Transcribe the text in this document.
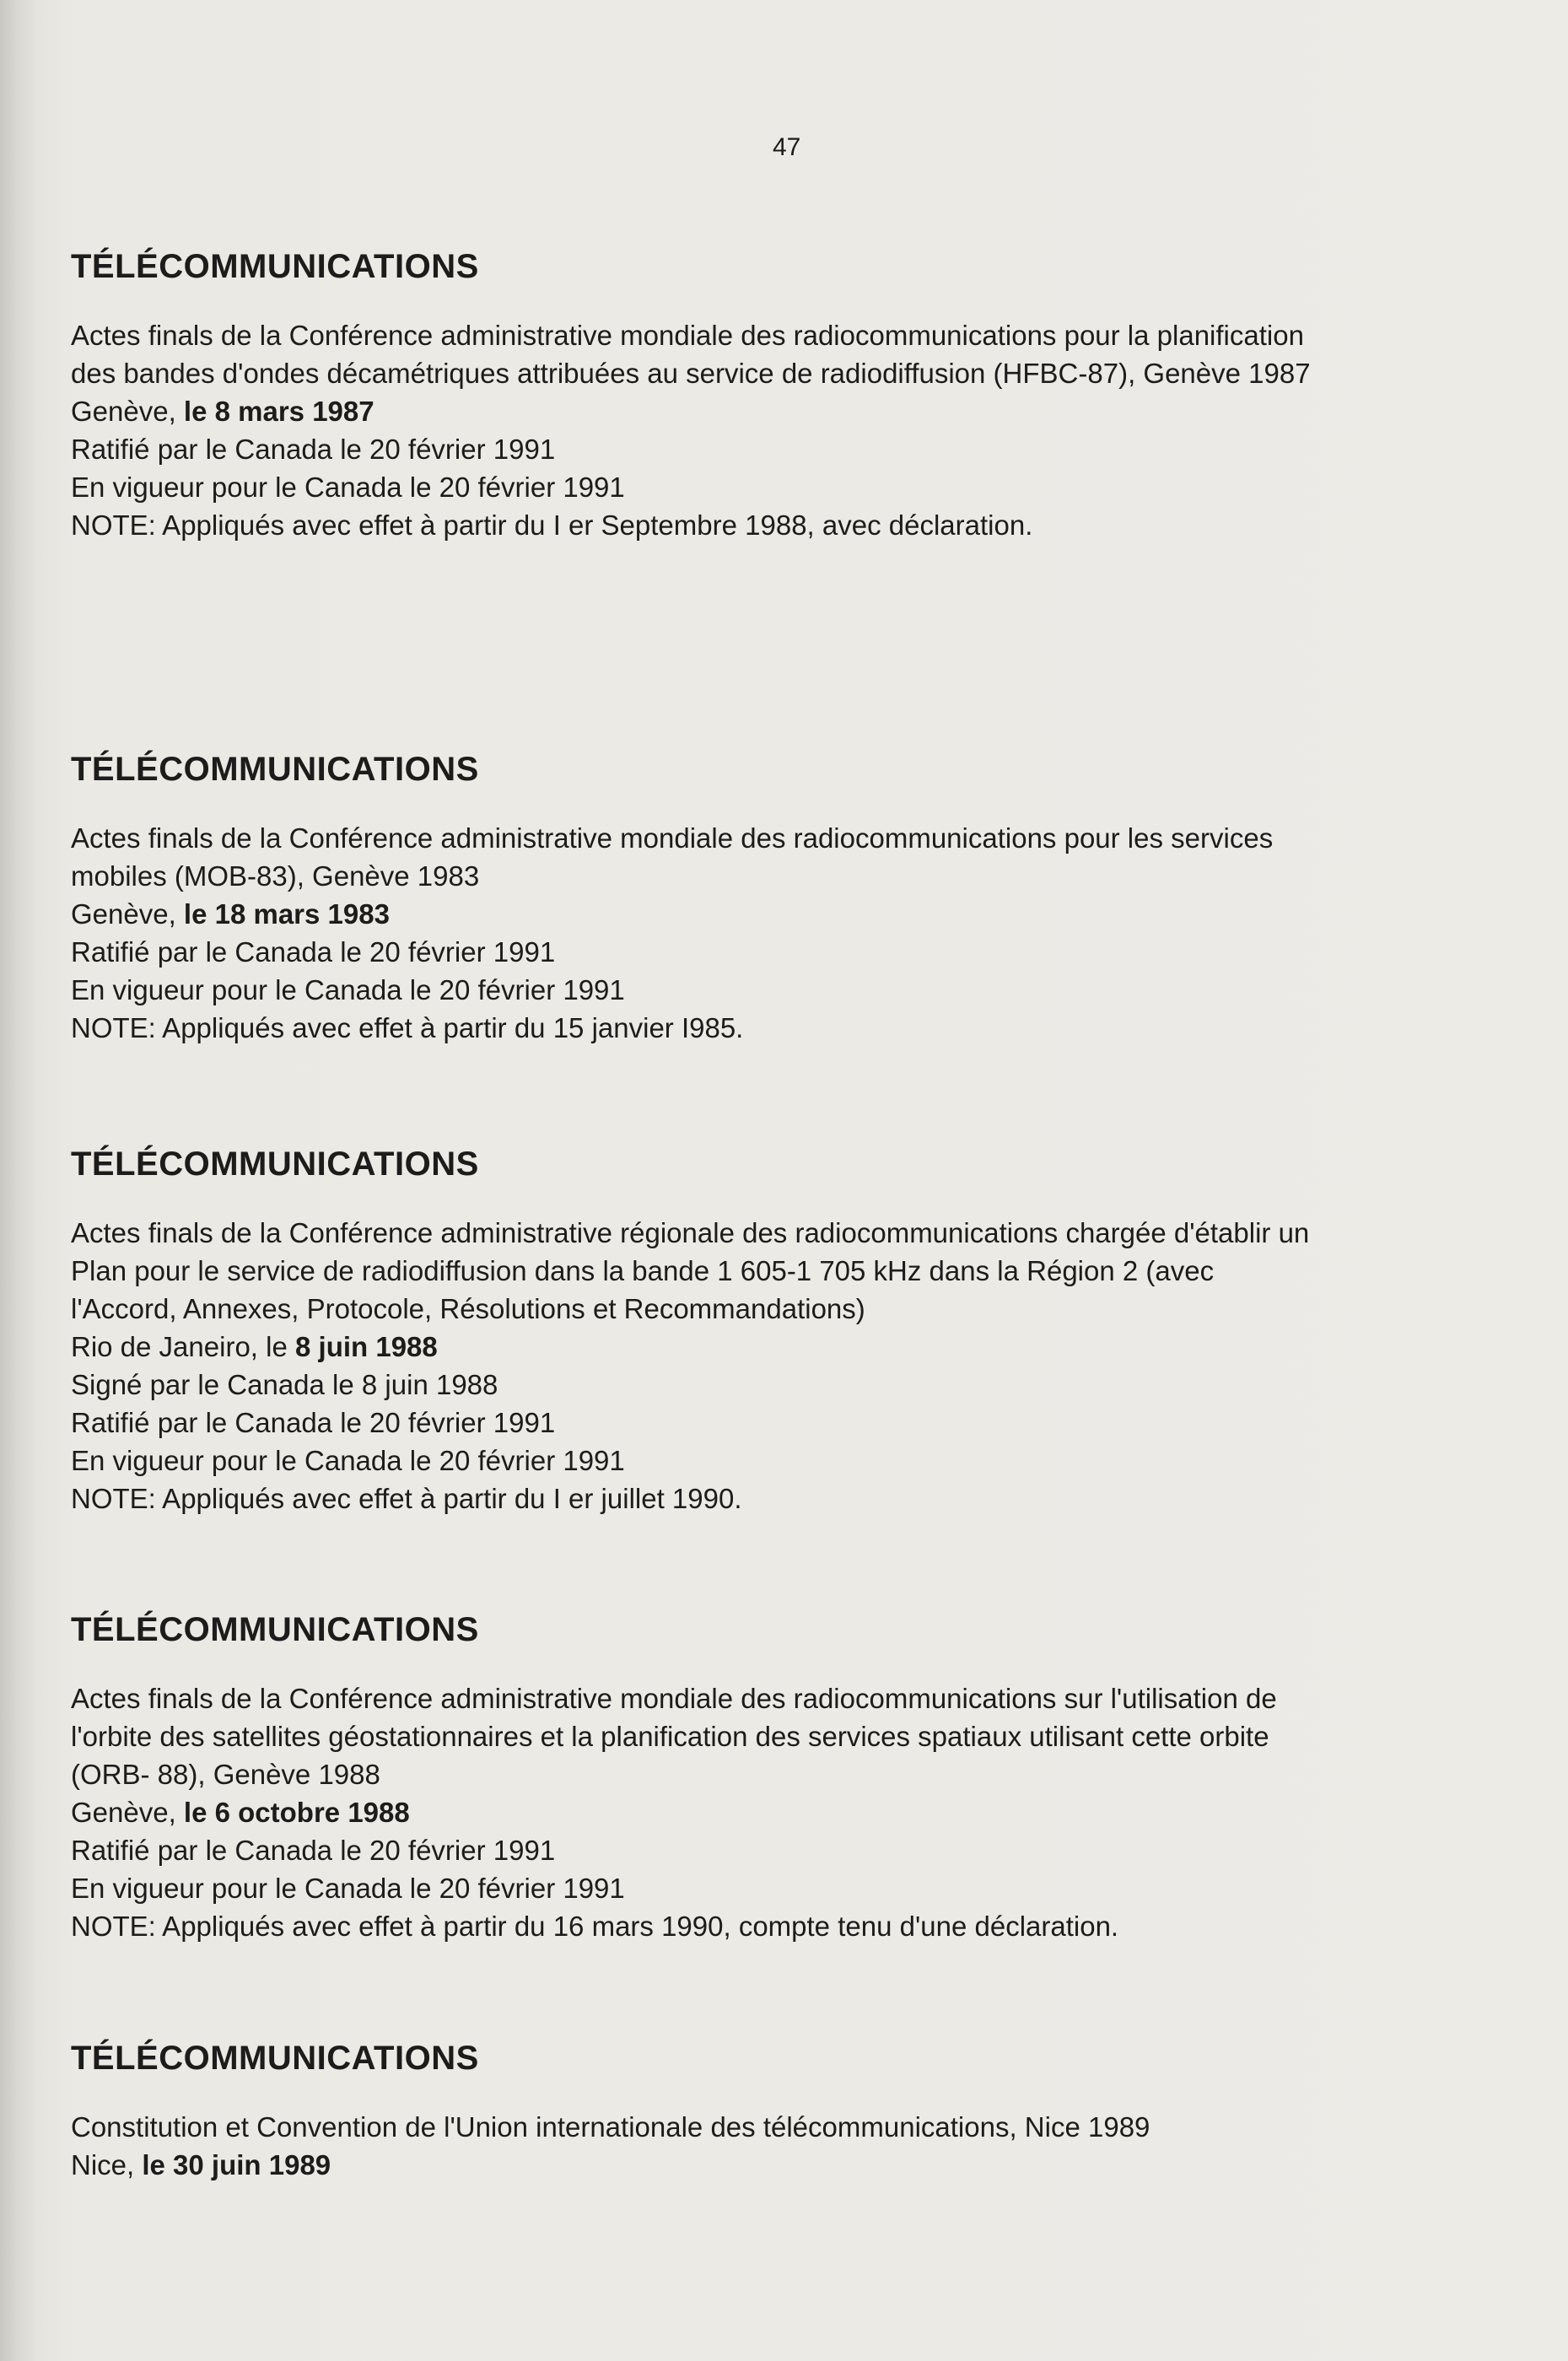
47
TÉLÉCOMMUNICATIONS
Actes finals de la Conférence administrative mondiale des radiocommunications pour la planification
des bandes d'ondes décamétriques attribuées au service de radiodiffusion (HFBC-87), Genève 1987
Genève, le 8 mars 1987
Ratifié par le Canada le 20 février 1991
En vigueur pour le Canada le 20 février 1991
NOTE: Appliqués avec effet à partir du I er Septembre 1988, avec déclaration.
TÉLÉCOMMUNICATIONS
Actes finals de la Conférence administrative mondiale des radiocommunications pour les services
mobiles (MOB-83), Genève 1983
Genève, le 18 mars 1983
Ratifié par le Canada le 20 février 1991
En vigueur pour le Canada le 20 février 1991
NOTE: Appliqués avec effet à partir du 15 janvier I985.
TÉLÉCOMMUNICATIONS
Actes finals de la Conférence administrative régionale des radiocommunications chargée d'établir un
Plan pour le service de radiodiffusion dans la bande 1 605-1 705 kHz dans la Région 2 (avec
l'Accord, Annexes, Protocole, Résolutions et Recommandations)
Rio de Janeiro, le 8 juin 1988
Signé par le Canada le 8 juin 1988
Ratifié par le Canada le 20 février 1991
En vigueur pour le Canada le 20 février 1991
NOTE: Appliqués avec effet à partir du I er juillet 1990.
TÉLÉCOMMUNICATIONS
Actes finals de la Conférence administrative mondiale des radiocommunications sur l'utilisation de
l'orbite des satellites géostationnaires et la planification des services spatiaux utilisant cette orbite
(ORB- 88), Genève 1988
Genève, le 6 octobre 1988
Ratifié par le Canada le 20 février 1991
En vigueur pour le Canada le 20 février 1991
NOTE: Appliqués avec effet à partir du 16 mars 1990, compte tenu d'une déclaration.
TÉLÉCOMMUNICATIONS
Constitution et Convention de l'Union internationale des télécommunications, Nice 1989
Nice, le 30 juin 1989
